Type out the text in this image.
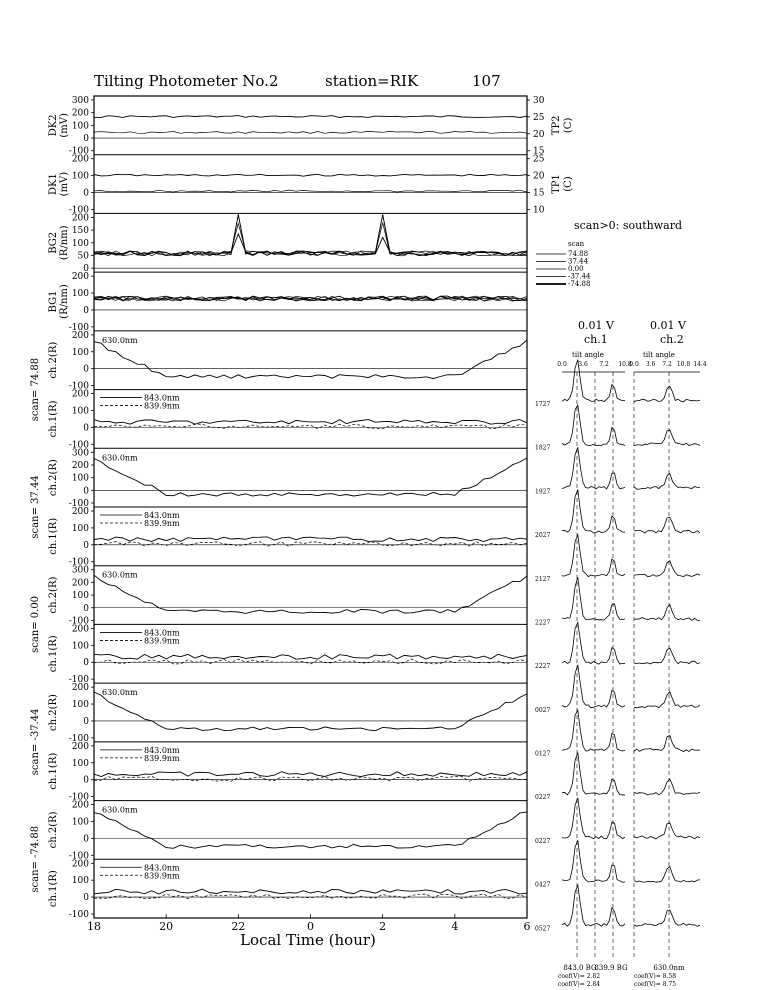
Tilting Photometer No.2	station=RIK	107
300
200
100
0
-100
DK2 (mV)
30
25
20
15
TP2 (C)
200
100
0
-100
DK1 (mV)
25
20
15
10
TP1 (C)
200
150
100
50
0
BG2 (R/nm)
200
100
0
-100
BG1 (R/nm)
200
100
0
-100
ch.2(R)
scan= 74.88
630.0nm
200
100
0
-100
ch.1(R)
843.0nm
839.9nm
300
200
100
0
-100
ch.2(R)
scan= 37.44
630.0nm
200
100
0
-100
ch.1(R)
843.0nm
839.9nm
300
200
100
0
-100
ch.2(R)
scan= 0.00
630.0nm
200
100
0
-100
ch.1(R)
843.0nm
839.9nm
200
100
0
-100
ch.2(R)
scan= -37.44
630.0nm
200
100
0
-100
ch.1(R)
843.0nm
839.9nm
200
100
0
-100
ch.2(R)
scan= -74.88
630.0nm
200
100
0
-100
ch.1(R)
843.0nm
839.9nm
Local Time (hour)
18	20	22	0	2	4	6
scan>0: southward
scan
74.88
37.44
0.00
-37.44
-74.88
0.01 V
ch.1
0.01 V
ch.2
tilt angle	tilt angle
0.0 3.6 7.2 10.8
0.0 3.6 7.2 10.8 14.4
1727
1827
1927
2027
2127
2227
2227
0027
0127
0227
0227
0427
0527
843.0 BG
839.9 BG	630.0nm
coef(V)= 2.82
coef(V)= 2.84
coef(V)= 8.58
coef(V)= 8.75
